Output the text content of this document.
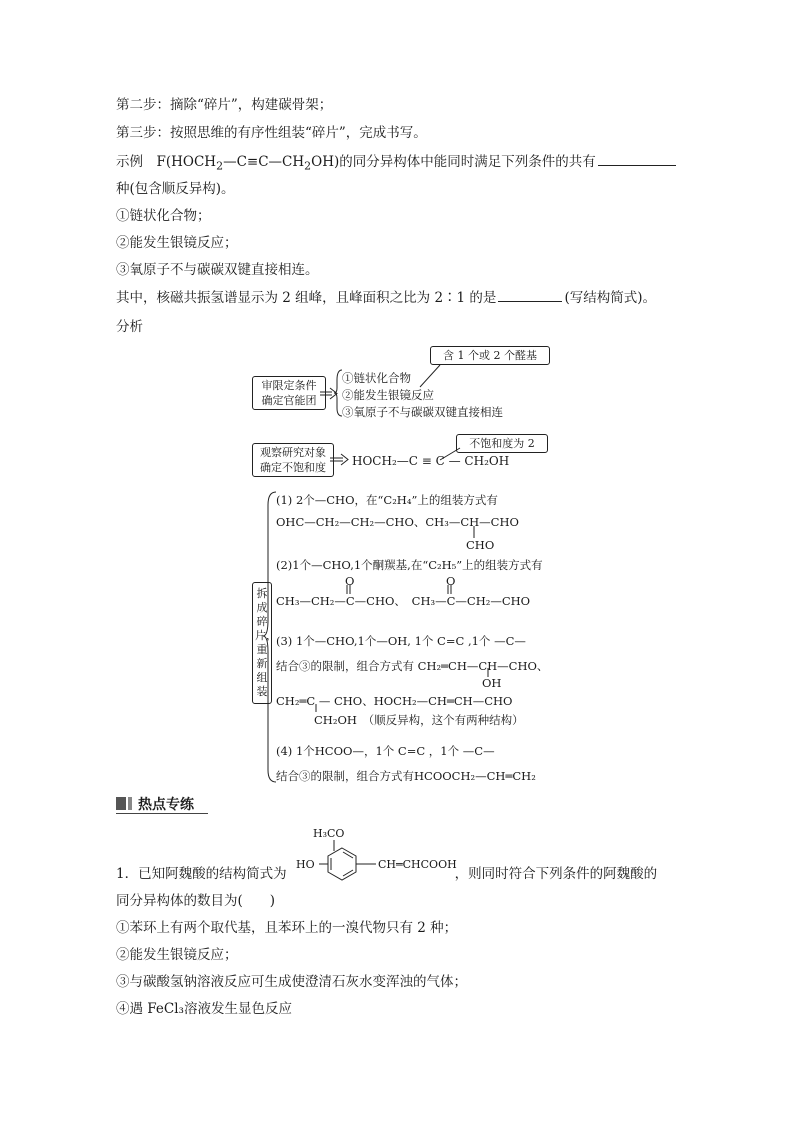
第二步：摘除“碎片”，构建碳骨架；
第三步：按照思维的有序性组装“碎片”，完成书写。
示例　$F(HOCH_2—C\equiv C—CH_2OH)$的同分异构体中能同时满足下列条件的共有
种(包含顺反异构)。
①链状化合物；
②能发生银镜反应；
③氧原子不与碳碳双键直接相连。
其中，核磁共振氢谱显示为 2 组峰，且峰面积之比为 2∶1 的是	(写结构简式)。
分析
审限定条件
确定官能团
含 1 个或 2 个醛基
①链状化合物
②能发生银镜反应
③氧原子不与碳碳双键直接相连
观察研究对象
确定不饱和度	HOCH₂—C ≡ C — CH₂OH
不饱和度为 2
拆成碎片，重新组装
(1) 2个—CHO，在“C₂H₄”上的组装方式有
OHC—CH₂—CH₂—CHO、CH₃—CH—CHO
CHO
(2)1个—CHO,1个酮羰基,在“C₂H₅”上的组装方式有
O	O
CH₃—CH₂—C—CHO、　CH₃—C—CH₂—CHO
(3) 1个—CHO,1个—OH, 1个 C=C ,1个 —C—
结合③的限制，组合方式有 CH₂═CH—CH—CHO、
OH
CH₂═C — CHO、HOCH₂—CH═CH—CHO
CH₂OH　（顺反异构，这个有两种结构）
(4) 1个HCOO—，1个 C=C ，1个 —C—
结合③的限制，组合方式有HCOOCH₂—CH═CH₂
热点专练
H₃CO
HO	CH═CHCOOH
1．已知阿魏酸的结构简式为	，则同时符合下列条件的阿魏酸的
同分异构体的数目为(　　)
①苯环上有两个取代基，且苯环上的一溴代物只有 2 种；
②能发生银镜反应；
③与碳酸氢钠溶液反应可生成使澄清石灰水变浑浊的气体；
④遇 FeCl₃溶液发生显色反应
